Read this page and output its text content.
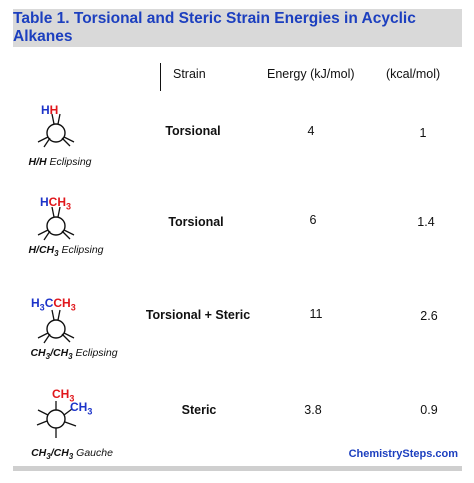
Table 1. Torsional and Steric Strain Energies in Acyclic Alkanes
Strain	Energy (kJ/mol)	(kcal/mol)
HH
H/H Eclipsing
Torsional	4	1
$HCH_3$
$H/CH_3$ Eclipsing
Torsional	6	1.4
$H_3CCH_3$
$CH_3/CH_3$ Eclipsing
Torsional + Steric	11	2.6
$CH_3$
$CH_3$
$CH_3/CH_3$ Gauche
Steric	3.8	0.9
ChemistrySteps.com
